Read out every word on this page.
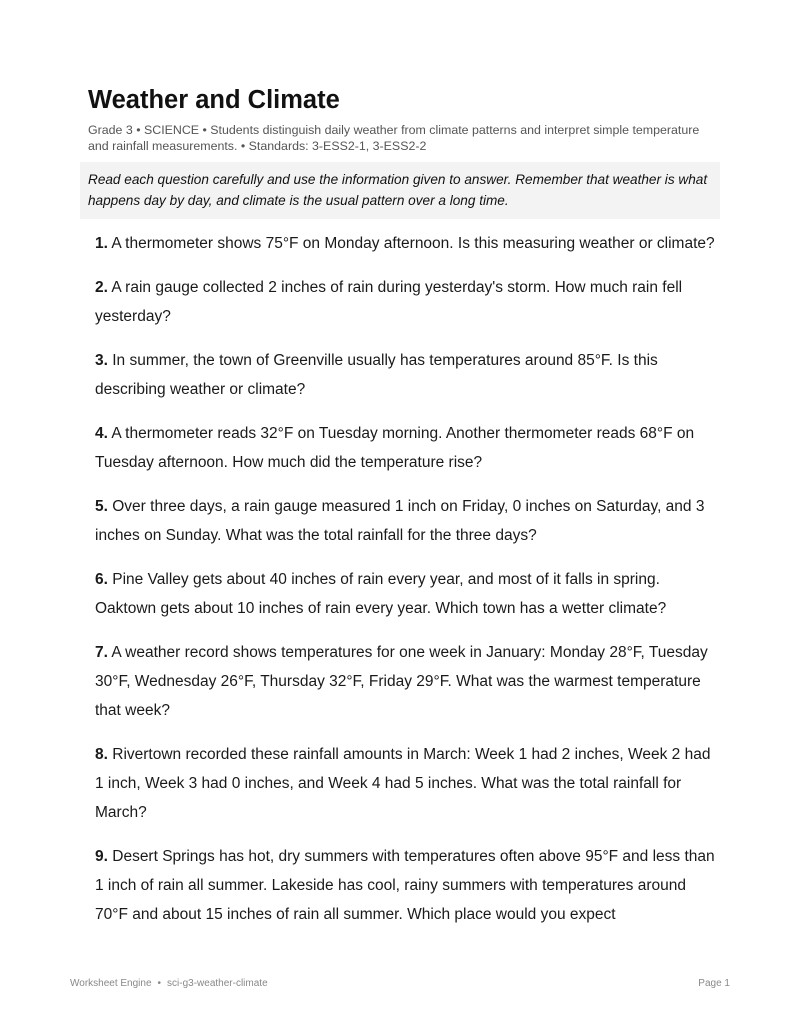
Weather and Climate
Grade 3 • SCIENCE • Students distinguish daily weather from climate patterns and interpret simple temperature and rainfall measurements. • Standards: 3-ESS2-1, 3-ESS2-2
Read each question carefully and use the information given to answer. Remember that weather is what happens day by day, and climate is the usual pattern over a long time.
1. A thermometer shows 75°F on Monday afternoon. Is this measuring weather or climate?
2. A rain gauge collected 2 inches of rain during yesterday's storm. How much rain fell yesterday?
3. In summer, the town of Greenville usually has temperatures around 85°F. Is this describing weather or climate?
4. A thermometer reads 32°F on Tuesday morning. Another thermometer reads 68°F on Tuesday afternoon. How much did the temperature rise?
5. Over three days, a rain gauge measured 1 inch on Friday, 0 inches on Saturday, and 3 inches on Sunday. What was the total rainfall for the three days?
6. Pine Valley gets about 40 inches of rain every year, and most of it falls in spring. Oaktown gets about 10 inches of rain every year. Which town has a wetter climate?
7. A weather record shows temperatures for one week in January: Monday 28°F, Tuesday 30°F, Wednesday 26°F, Thursday 32°F, Friday 29°F. What was the warmest temperature that week?
8. Rivertown recorded these rainfall amounts in March: Week 1 had 2 inches, Week 2 had 1 inch, Week 3 had 0 inches, and Week 4 had 5 inches. What was the total rainfall for March?
9. Desert Springs has hot, dry summers with temperatures often above 95°F and less than 1 inch of rain all summer. Lakeside has cool, rainy summers with temperatures around 70°F and about 15 inches of rain all summer. Which place would you expect
Worksheet Engine • sci-g3-weather-climate	Page 1
